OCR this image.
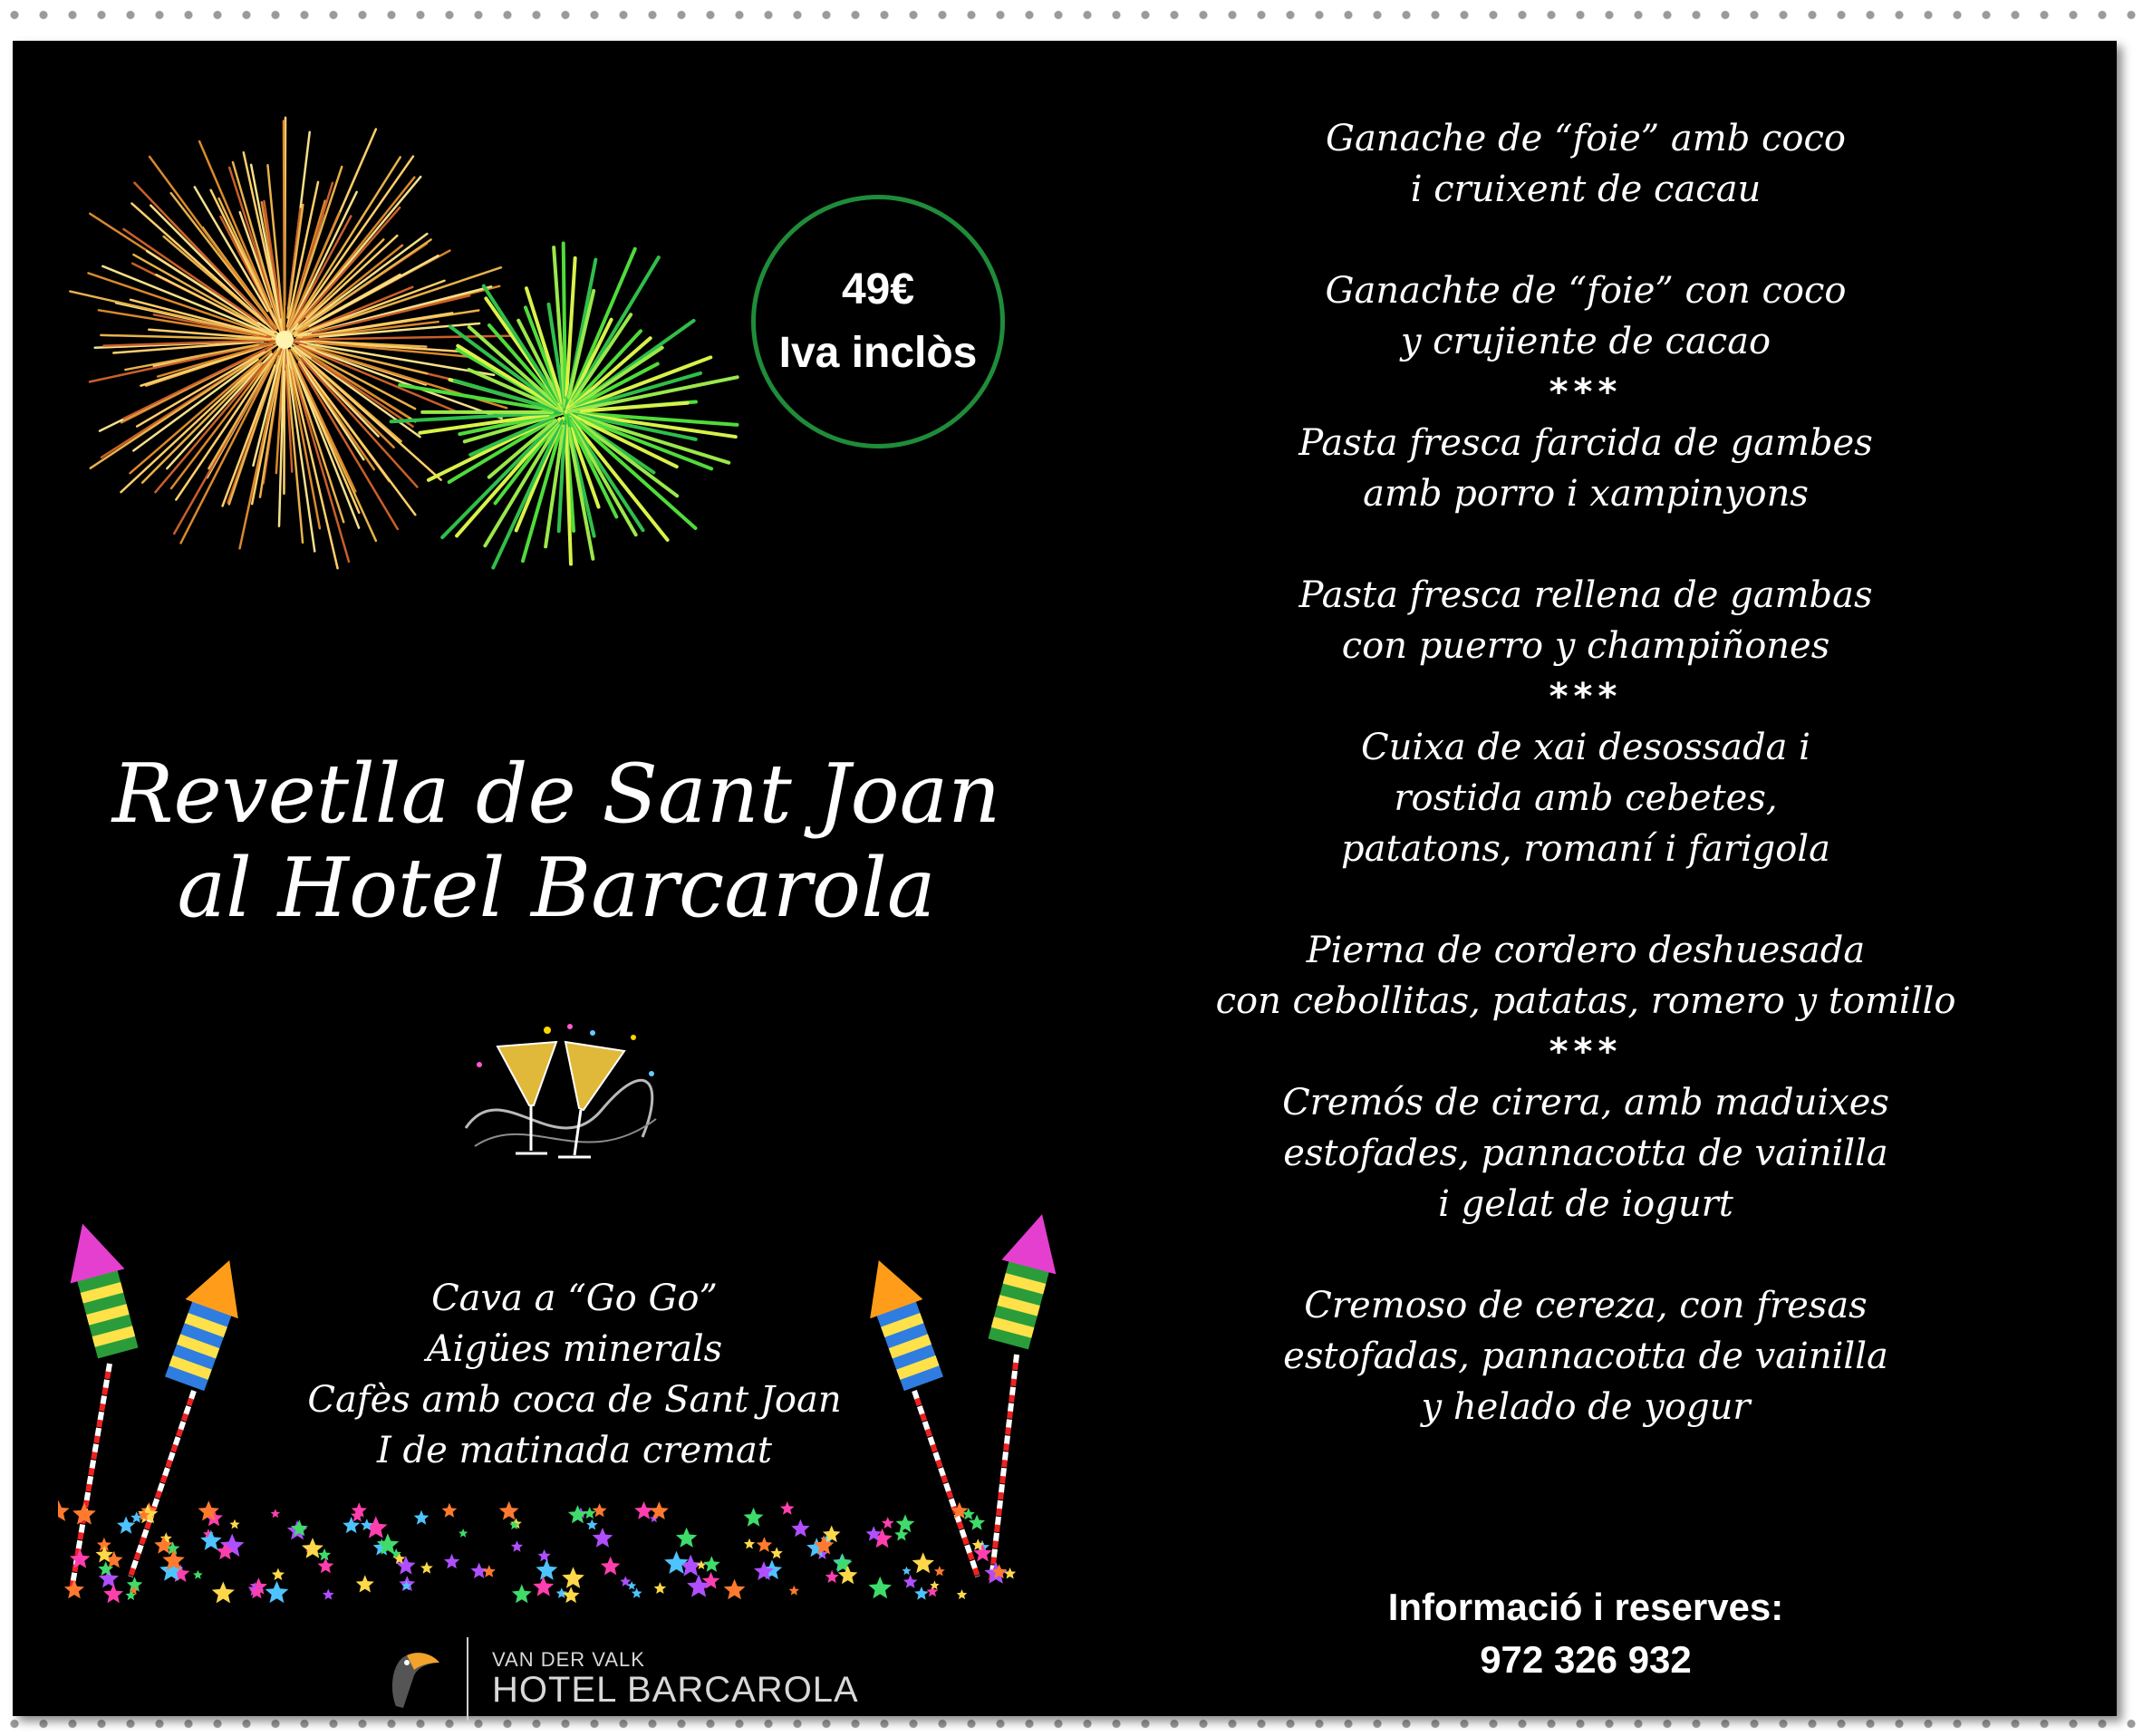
49€
Iva inclòs
Revetlla de Sant Joan
al Hotel Barcarola
Cava a “Go Go”
Aigües minerals
Cafès amb coca de Sant Joan
I de matinada cremat
VAN DER VALK
HOTEL BARCAROLA
Ganache de “foie” amb coco
i cruixent de cacau
Ganachte de “foie” con coco
y crujiente de cacao
***
Pasta fresca farcida de gambes
amb porro i xampinyons
Pasta fresca rellena de gambas
con puerro y champiñones
***
Cuixa de xai desossada i
rostida amb cebetes,
patatons, romaní i farigola
Pierna de cordero deshuesada
con cebollitas, patatas, romero y tomillo
***
Cremós de cirera, amb maduixes
estofades, pannacotta de vainilla
i gelat de iogurt
Cremoso de cereza, con fresas
estofadas, pannacotta de vainilla
y helado de yogur
Informació i reserves:
972 326 932
